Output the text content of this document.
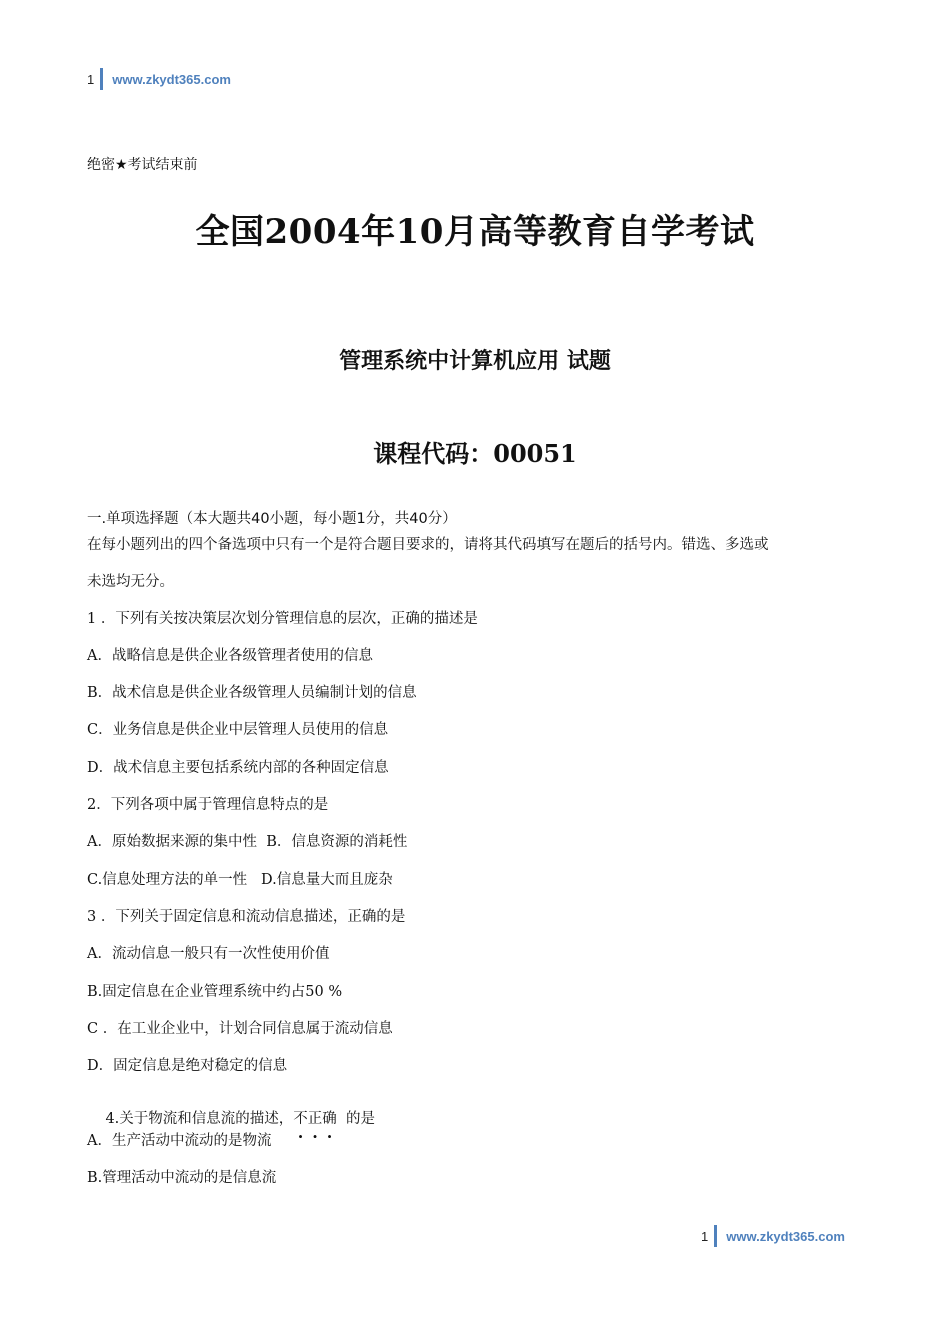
1 www.zkydt365.com
绝密★考试结束前
全国2004年10月高等教育自学考试
管理系统中计算机应用 试题
课程代码：00051
一.单项选择题（本大题共40小题，每小题1分，共40分）
在每小题列出的四个备选项中只有一个是符合题目要求的，请将其代码填写在题后的括号内。错选、多选或
未选均无分。
1 ．下列有关按决策层次划分管理信息的层次，正确的描述是
A．战略信息是供企业各级管理者使用的信息
B．战术信息是供企业各级管理人员编制计划的信息
C．业务信息是供企业中层管理人员使用的信息
D．战术信息主要包括系统内部的各种固定信息
2．下列各项中属于管理信息特点的是
A．原始数据来源的集中性  B．信息资源的消耗性
C.信息处理方法的单一性   D.信息量大而且庞杂
3 ．下列关于固定信息和流动信息描述，正确的是
A．流动信息一般只有一次性使用价值
B.固定信息在企业管理系统中约占50 %
C ．在工业企业中，计划合同信息属于流动信息
D．固定信息是绝对稳定的信息

4.关于物流和信息流的描述，不正确  的是

A．生产活动中流动的是物流
B.管理活动中流动的是信息流
1 www.zkydt365.com
